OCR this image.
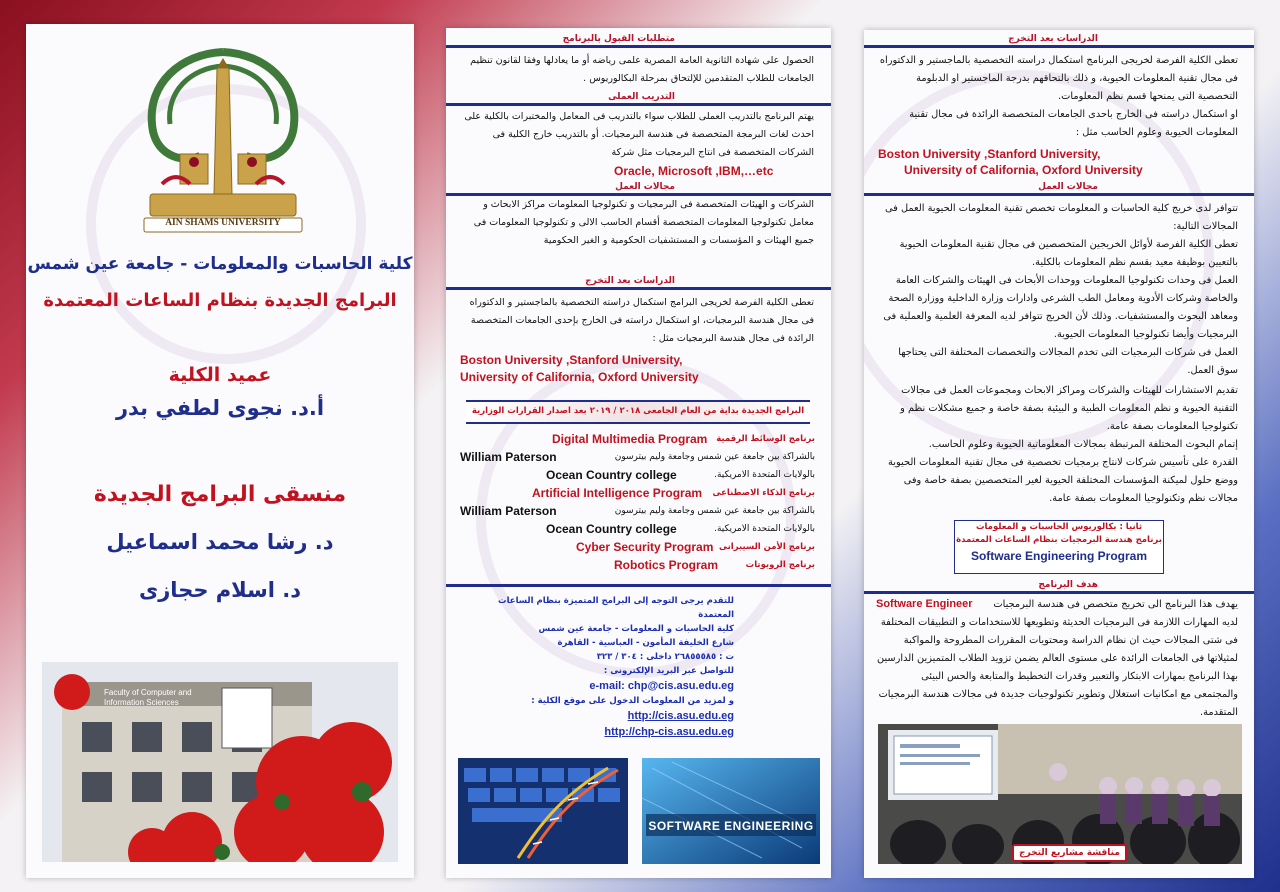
AIN SHAMS UNIVERSITY
كلية الحاسبات والمعلومات - جامعة عين شمس
البرامج الجديدة بنظام الساعات المعتمدة
عميد الكلية
أ.د. نجوى لطفي بدر
منسقى البرامج الجديدة
د. رشا محمد اسماعيل
د. اسلام حجازى
Faculty of Computer and Information Sciences
متطلبات القبول بالبرنامج
الحصول على شهادة الثانوية العامة المصرية علمى رياضه أو ما يعادلها وفقا لقانون تنظيم الجامعات للطلاب المتقدمين للإلتحاق بمرحلة البكالوريوس .
التدريب العملى
يهتم البرنامج بالتدريب العملى للطلاب سواء بالتدريب فى المعامل والمختبرات بالكلية على احدث لغات البرمجة المتخصصة فى هندسة البرمجيات. أو بالتدريب خارج الكلية فى الشركات المتخصصة فى انتاج البرمجيات مثل شركة
Oracle, Microsoft ,IBM,…etc
مجالات العمل
الشركات و الهيئات المتخصصة فى البرمجيات و تكنولوجيا المعلومات مراكز الابحاث و معامل تكنولوجيا المعلومات المتخصصة أقسام الحاسب الالى و تكنولوجيا المعلومات فى جميع الهيئات و المؤسسات و المستشفيات الحكومية و الغير الحكومية
الدراسات بعد التخرج
تعطى الكلية الفرصة لخريجى البرامج استكمال دراسته التخصصية بالماجستير و الدكتوراه فى مجال هندسة البرمجيات، او استكمال دراسته فى الخارج بإحدى الجامعات المتخصصة الرائدة فى مجال هندسة البرمجيات مثل :
Boston University ,Stanford University,
University of California, Oxford University
البرامج الجديدة بداية من العام الجامعى ٢٠١٨ / ٢٠١٩ بعد اصدار القرارات الوزارية
برنامج الوسائط الرقمية
Digital Multimedia Program
بالشراكة بين جامعة عين شمس وجامعة وليم بيترسون
William Paterson
بالولايات المتحدة الامريكية.
Ocean Country college
برنامج الذكاء الاصطناعى
Artificial Intelligence Program
بالشراكة بين جامعة عين شمس وجامعة وليم بيترسون
William Paterson
بالولايات المتحدة الامريكية.
Ocean Country college
برنامج الأمن السيبرانى
Cyber Security Program
برنامج الروبوتات
Robotics Program
للتقدم يرجى التوجه إلى البرامج المتميزة بنظام الساعات المعتمدة
كلية الحاسبات و المعلومات - جامعة عين شمس
شارع الخليفة المأمون - العباسية - القاهرة
ت : ٢٦٨٥٥٥٨٥ داخلى : ٣٠٤ / ٣٢٣
للتواصل عبر البريد الإلكترونى :
e-mail: chp@cis.asu.edu.eg
و لمزيد من المعلومات الدخول على موقع الكلية :
http://cis.asu.edu.eg
http://chp-cis.asu.edu.eg
SOFTWARE ENGINEERING
الدراسات بعد التخرج
تعطى الكلية الفرصة لخريجى البرنامج استكمال دراسته التخصصية بالماجستير و الدكتوراه فى مجال تقنية المعلومات الحيوية، و ذلك بالتحاقهم بدرجة الماجستير او الدبلومة التخصصية التى يمنحها قسم نظم المعلومات.
او استكمال دراسته فى الخارج باحدى الجامعات المتخصصة الرائدة فى مجال تقنية المعلومات الحيوية وعلوم الحاسب مثل :
Boston University ,Stanford University,
University of California, Oxford University
مجالات العمل
تتوافر لدى خريج كلية الحاسبات و المعلومات تخصص تقنية المعلومات الحيوية العمل فى المجالات التالية:
تعطى الكلية الفرصة لأوائل الخريجين المتخصصين فى مجال تقنية المعلومات الحيوية بالتعيين بوظيفة معيد بقسم نظم المعلومات بالكلية.
العمل فى وحدات تكنولوجيا المعلومات ووحدات الأبحاث فى الهيئات والشركات العامة والخاصة وشركات الأدوية ومعامل الطب الشرعى وادارات وزارة الداخلية ووزارة الصحة ومعاهد البحوث والمستشفيات. وذلك لأن الخريج تتوافر لديه المعرفة العلمية والعملية فى البرمجيات وأيضا تكنولوجيا المعلومات الحيوية.
العمل فى شركات البرمجيات التى تخدم المجالات والتخصصات المختلفة التى يحتاجها سوق العمل.
تقديم الاستشارات للهيئات والشركات ومراكز الابحاث ومجموعات العمل فى مجالات التقنية الحيوية و نظم المعلومات الطبية و البيئية بصفة خاصة و جميع مشكلات نظم و تكنولوجيا المعلومات بصفة عامة.
إتمام البحوث المختلفة المرتبطة بمجالات المعلوماتية الحيوية وعلوم الحاسب.
القدرة على تأسيس شركات لانتاج برمجيات تخصصية فى مجال تقنية المعلومات الحيوية ووضع حلول لميكنة المؤسسات المختلفة الحيوية لغير المتخصصين بصفة خاصة وفى مجالات نظم وتكنولوجيا المعلومات بصفة عامة.
ثانيا : بكالوريوس الحاسبات و المعلومات
برنامج هندسة البرمجيات بنظام الساعات المعتمدة
Software Engineering Program
هدف البرنامج
يهدف هذا البرنامج الى تخريج متخصص فى هندسة البرمجيات
Software Engineer
لديه المهارات اللازمة فى البرمجيات الحديثة وتطويعها للاستخدامات و التطبيقات المختلفة فى شتى المجالات حيث ان نظام الدراسة ومحتويات المقررات المطروحة والمواكبة لمثيلاتها فى الجامعات الرائدة على مستوى العالم يضمن تزويد الطلاب المتميزين الدارسين بهذا البرنامج بمهارات الابتكار والتعبير وقدرات التخطيط والمتابعة والحس البيئى والمجتمعى مع امكانيات استغلال وتطوير تكنولوجيات جديدة فى مجالات هندسة البرمجيات المتقدمة.
مناقشة مشاريع التخرج
